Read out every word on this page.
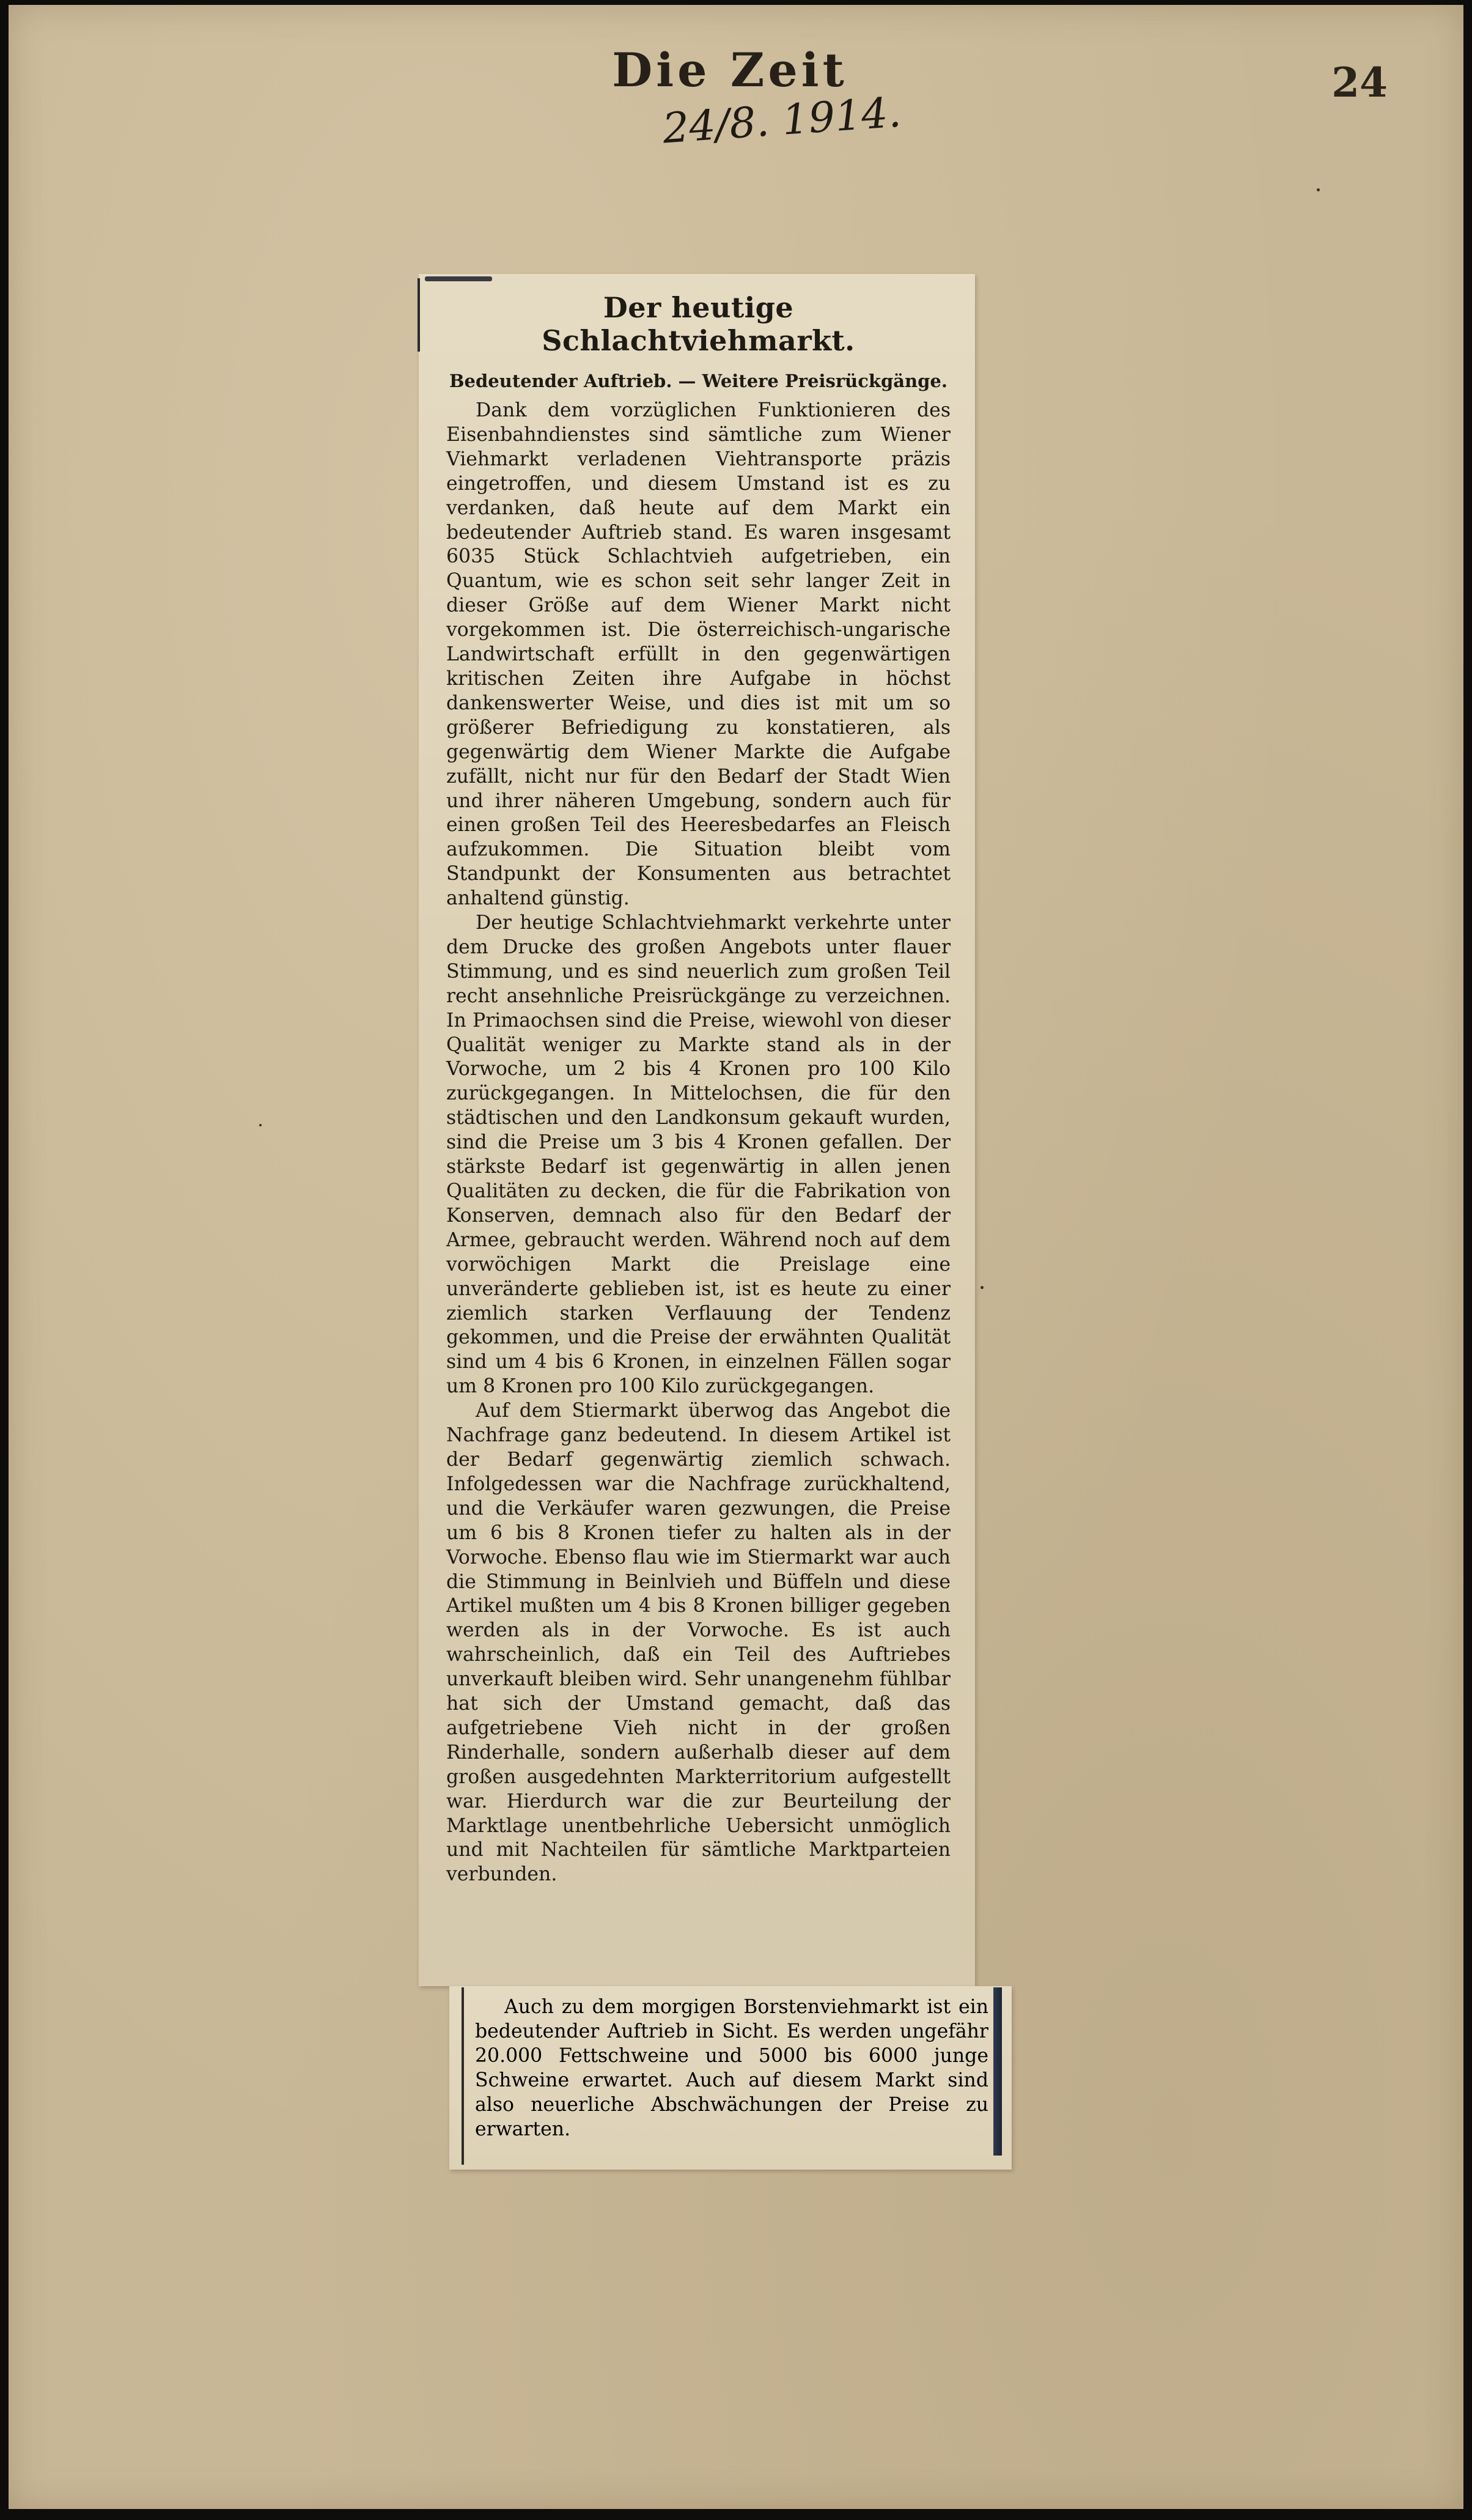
Die Zeit
24/8. 1914.
24
Der heutige Schlachtviehmarkt.
Bedeutender Auftrieb. — Weitere Preisrückgänge.

Dank dem vorzüglichen Funktionieren des Eisenbahndienstes sind sämtliche zum Wiener Viehmarkt verladenen Viehtransporte präzis eingetroffen, und diesem Umstand ist es zu verdanken, daß heute auf dem Markt ein bedeutender Auftrieb stand. Es waren insgesamt 6035 Stück Schlachtvieh aufgetrieben, ein Quantum, wie es schon seit sehr langer Zeit in dieser Größe auf dem Wiener Markt nicht vorgekommen ist. Die österreichisch-ungarische Landwirtschaft erfüllt in den gegenwärtigen kritischen Zeiten ihre Aufgabe in höchst dankenswerter Weise, und dies ist mit um so größerer Befriedigung zu konstatieren, als gegenwärtig dem Wiener Markte die Aufgabe zufällt, nicht nur für den Bedarf der Stadt Wien und ihrer näheren Umgebung, sondern auch für einen großen Teil des Heeresbedarfes an Fleisch aufzukommen. Die Situation bleibt vom Standpunkt der Konsumenten aus betrachtet anhaltend günstig.

Der heutige Schlachtviehmarkt verkehrte unter dem Drucke des großen Angebots unter flauer Stimmung, und es sind neuerlich zum großen Teil recht ansehnliche Preisrückgänge zu verzeichnen. In Primaochsen sind die Preise, wiewohl von dieser Qualität weniger zu Markte stand als in der Vorwoche, um 2 bis 4 Kronen pro 100 Kilo zurückgegangen. In Mittelochsen, die für den städtischen und den Landkonsum gekauft wurden, sind die Preise um 3 bis 4 Kronen gefallen. Der stärkste Bedarf ist gegenwärtig in allen jenen Qualitäten zu decken, die für die Fabrikation von Konserven, demnach also für den Bedarf der Armee, gebraucht werden. Während noch auf dem vorwöchigen Markt die Preislage eine unveränderte geblieben ist, ist es heute zu einer ziemlich starken Verflauung der Tendenz gekommen, und die Preise der erwähnten Qualität sind um 4 bis 6 Kronen, in einzelnen Fällen sogar um 8 Kronen pro 100 Kilo zurückgegangen.

Auf dem Stiermarkt überwog das Angebot die Nachfrage ganz bedeutend. In diesem Artikel ist der Bedarf gegenwärtig ziemlich schwach. Infolgedessen war die Nachfrage zurückhaltend, und die Verkäufer waren gezwungen, die Preise um 6 bis 8 Kronen tiefer zu halten als in der Vorwoche. Ebenso flau wie im Stiermarkt war auch die Stimmung in Beinlvieh und Büffeln und diese Artikel mußten um 4 bis 8 Kronen billiger gegeben werden als in der Vorwoche. Es ist auch wahrscheinlich, daß ein Teil des Auftriebes unverkauft bleiben wird. Sehr unangenehm fühlbar hat sich der Umstand gemacht, daß das aufgetriebene Vieh nicht in der großen Rinderhalle, sondern außerhalb dieser auf dem großen ausgedehnten Markterritorium aufgestellt war. Hierdurch war die zur Beurteilung der Marktlage unentbehrliche Uebersicht unmöglich und mit Nachteilen für sämtliche Marktparteien verbunden.

Auch zu dem morgigen Borstenviehmarkt ist ein bedeutender Auftrieb in Sicht. Es werden ungefähr 20.000 Fettschweine und 5000 bis 6000 junge Schweine erwartet. Auch auf diesem Markt sind also neuerliche Abschwächungen der Preise zu erwarten.
